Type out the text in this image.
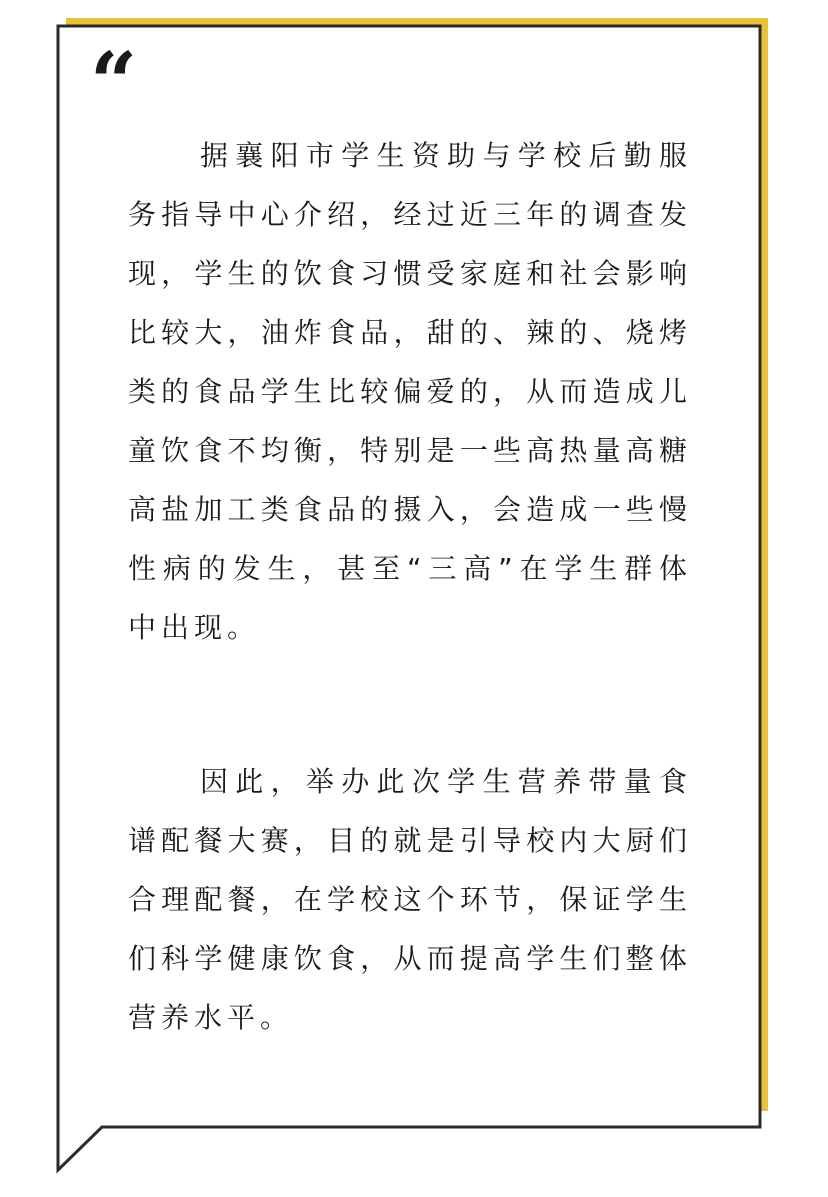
“

据襄阳市学生资助与学校后勤服务指导中心介绍，经过近三年的调查发现，学生的饮食习惯受家庭和社会影响比较大，油炸食品，甜的、辣的、烧烤类的食品学生比较偏爱的，从而造成儿童饮食不均衡，特别是一些高热量高糖高盐加工类食品的摄入，会造成一些慢性病的发生，甚至“三高”在学生群体中出现。

因此，举办此次学生营养带量食谱配餐大赛，目的就是引导校内大厨们合理配餐，在学校这个环节，保证学生们科学健康饮食，从而提高学生们整体营养水平。
